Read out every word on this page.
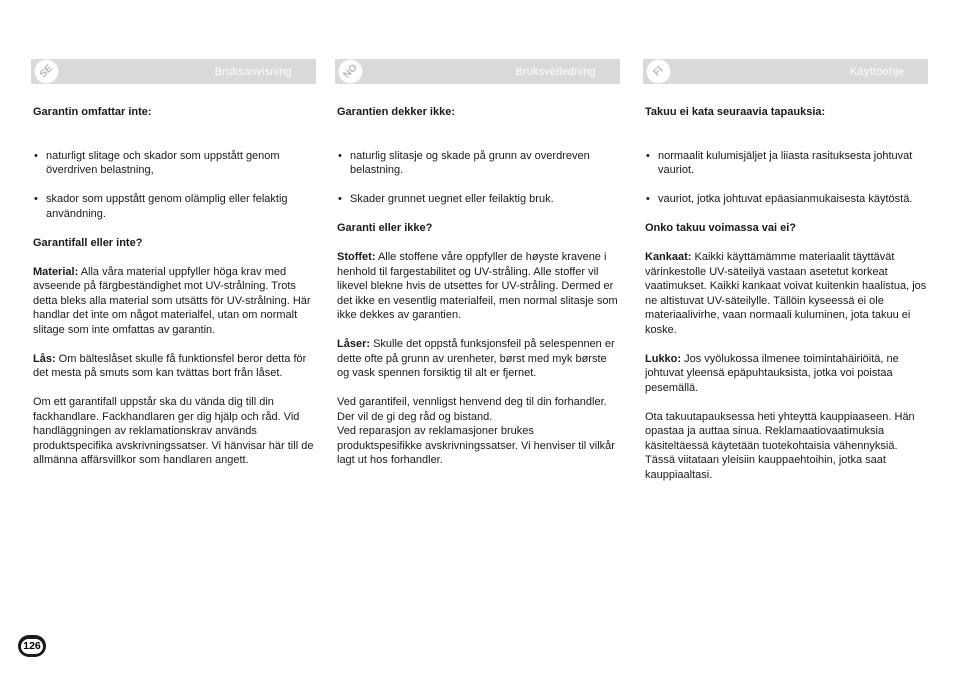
SE	Bruksanvisning

Garantin omfattar inte:

• naturligt slitage och skador som uppstått genom överdriven belastning,
• skador som uppstått genom olämplig eller felaktig användning.

Garantifall eller inte?

Material: Alla våra material uppfyller höga krav med avseende på färgbeständighet mot UV-strålning. Trots detta bleks alla material som utsätts för UV-strålning. Här handlar det inte om något materialfel, utan om normalt slitage som inte omfattas av garantin.

Lås: Om bälteslåset skulle få funktionsfel beror detta för det mesta på smuts som kan tvättas bort från låset.

Om ett garantifall uppstår ska du vända dig till din fackhandlare. Fackhandlaren ger dig hjälp och råd. Vid handläggningen av reklamationskrav används produktspecifika avskrivningssatser. Vi hänvisar här till de allmänna affärsvillkor som handlaren angett.

NO	Bruksveiledning

Garantien dekker ikke:

• naturlig slitasje og skade på grunn av overdreven belastning.
• Skader grunnet uegnet eller feilaktig bruk.

Garanti eller ikke?

Stoffet: Alle stoffene våre oppfyller de høyste kravene i henhold til fargestabilitet og UV-stråling. Alle stoffer vil likevel blekne hvis de utsettes for UV-stråling. Dermed er det ikke en vesentlig materialfeil, men normal slitasje som ikke dekkes av garantien.

Låser: Skulle det oppstå funksjonsfeil på selespennen er dette ofte på grunn av urenheter, børst med myk børste og vask spennen forsiktig til alt er fjernet.

Ved garantifeil, vennligst henvend deg til din forhandler. Der vil de gi deg råd og bistand.

Ved reparasjon av reklamasjoner brukes produktspesifikke avskrivningssatser. Vi henviser til vilkår lagt ut hos forhandler.

FI	Käyttöohje

Takuu ei kata seuraavia tapauksia:

• normaalit kulumisjäljet ja liiasta rasituksesta johtuvat vauriot.
• vauriot, jotka johtuvat epäasianmukaisesta käytöstä.

Onko takuu voimassa vai ei?

Kankaat: Kaikki käyttämämme materiaalit täyttävät värinkestolle UV-säteilyä vastaan asetetut korkeat vaatimukset. Kaikki kankaat voivat kuitenkin haalistua, jos ne altistuvat UV-säteilylle. Tällöin kyseessä ei ole materiaalivirhe, vaan normaali kuluminen, jota takuu ei koske.

Lukko: Jos vyölukossa ilmenee toimintahäiriöitä, ne johtuvat yleensä epäpuhtauksista, jotka voi poistaa pesemällä.

Ota takuutapauksessa heti yhteyttä kauppiaaseen. Hän opastaa ja auttaa sinua. Reklamaatiovaatimuksia käsiteltäessä käytetään tuotekohtaisia vähennyksiä. Tässä viitataan yleisiin kauppaehtoihin, jotka saat kauppiaaltasi.

126
